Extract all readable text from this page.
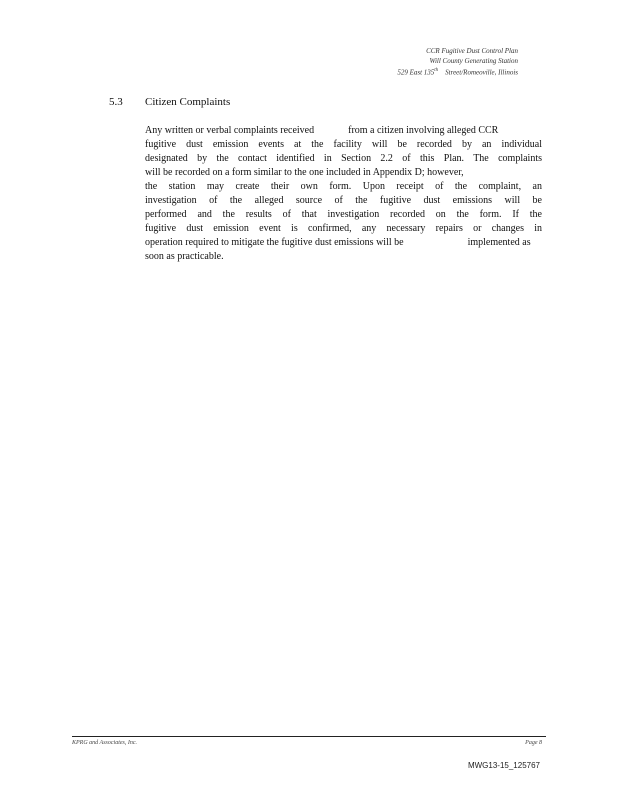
CCR Fugitive Dust Control Plan
Will County Generating Station
529 East 135th Street/Romeoville, Illinois
5.3 Citizen Complaints
Any written or verbal complaints received	from a citizen involving alleged CCR
fugitive dust emission events at the facility will be recorded by an individual
designated by the contact identified in Section 2.2 of this Plan. The complaints
will be recorded on a form similar to the one included in Appendix D; however,
the station may create their own form. Upon receipt of the complaint, an
investigation of the alleged source of the fugitive dust emissions will be
performed and the results of that investigation recorded on the form. If the
fugitive dust emission event is confirmed, any necessary repairs or changes in
operation required to mitigate the fugitive dust emissions will be	implemented as
soon as practicable.
KPRG and Associates, Inc.	Page 8
MWG13-15_125767
